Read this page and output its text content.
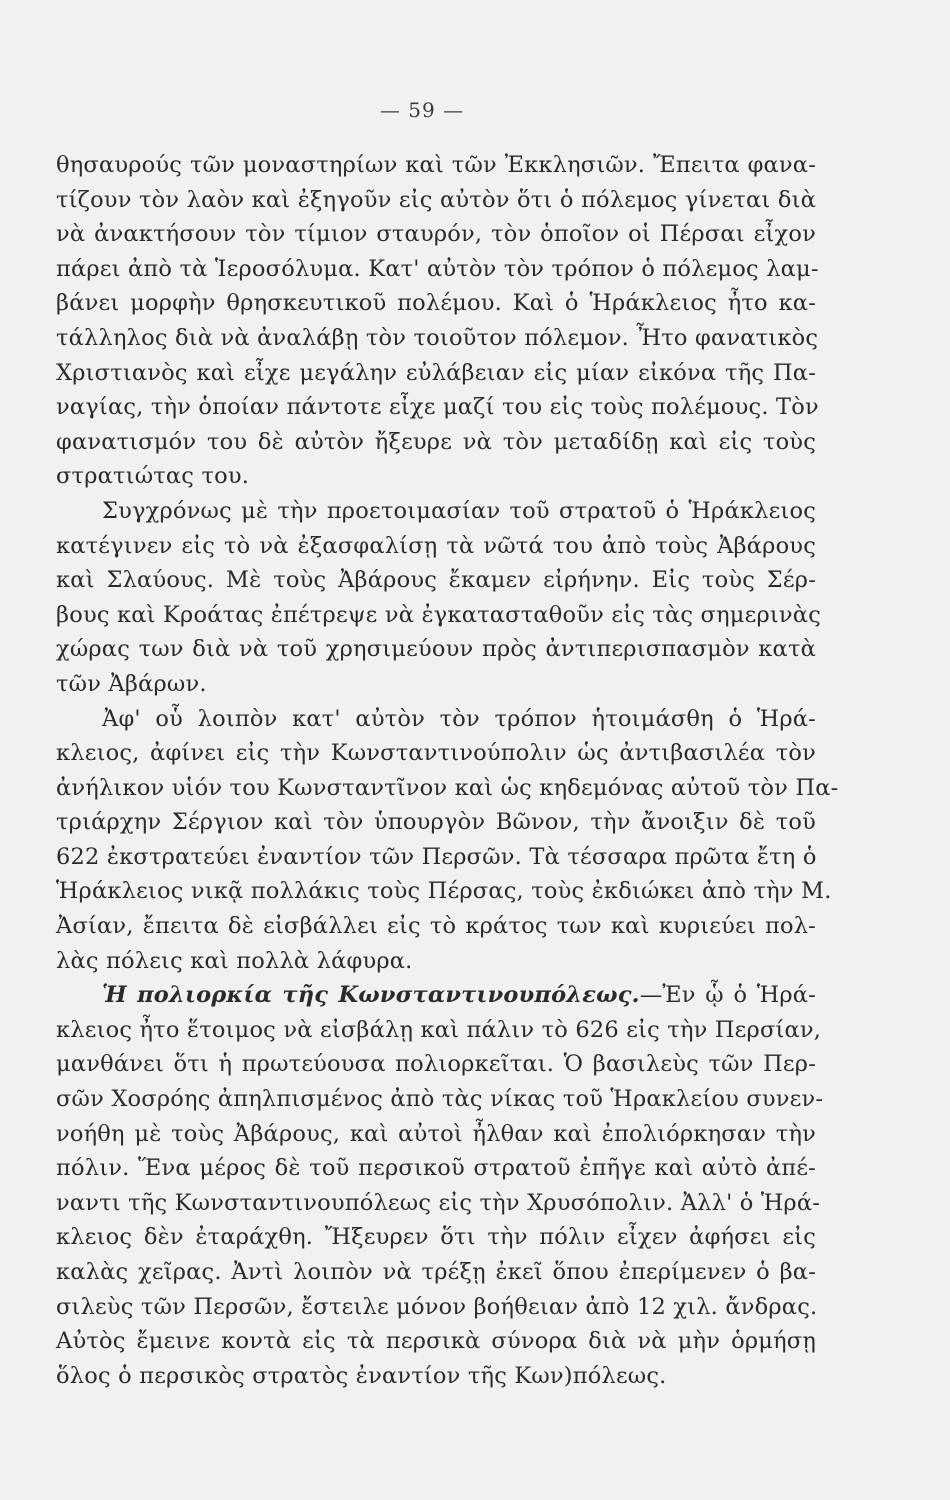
— 59 —
θησαυρούς τῶν μοναστηρίων καὶ τῶν Ἐκκλησιῶν. Ἔπειτα φανα-
τίζουν τὸν λαὸν καὶ ἐξηγοῦν εἰς αὐτὸν ὅτι ὁ πόλεμος γίνεται διὰ
νὰ ἀνακτήσουν τὸν τίμιον σταυρόν, τὸν ὁποῖον οἱ Πέρσαι εἶχον
πάρει ἀπὸ τὰ Ἱεροσόλυμα. Κατ' αὐτὸν τὸν τρόπον ὁ πόλεμος λαμ-
βάνει μορφὴν θρησκευτικοῦ πολέμου. Καὶ ὁ Ἡράκλειος ἦτο κα-
τάλληλος διὰ νὰ ἀναλάβῃ τὸν τοιοῦτον πόλεμον. Ἦτο φανατικὸς
Χριστιανὸς καὶ εἶχε μεγάλην εὐλάβειαν εἰς μίαν εἰκόνα τῆς Πα-
ναγίας, τὴν ὁποίαν πάντοτε εἶχε μαζί του εἰς τοὺς πολέμους. Τὸν
φανατισμόν του δὲ αὐτὸν ἤξευρε νὰ τὸν μεταδίδῃ καὶ εἰς τοὺς
στρατιώτας του.
Συγχρόνως μὲ τὴν προετοιμασίαν τοῦ στρατοῦ ὁ Ἡράκλειος
κατέγινεν εἰς τὸ νὰ ἐξασφαλίσῃ τὰ νῶτά του ἀπὸ τοὺς Ἀβάρους
καὶ Σλαύους. Μὲ τοὺς Ἀβάρους ἔκαμεν εἰρήνην. Εἰς τοὺς Σέρ-
βους καὶ Κροάτας ἐπέτρεψε νὰ ἐγκατασταθοῦν εἰς τὰς σημερινὰς
χώρας των διὰ νὰ τοῦ χρησιμεύουν πρὸς ἀντιπερισπασμὸν κατὰ
τῶν Ἀβάρων.
Ἀφ' οὗ λοιπὸν κατ' αὐτὸν τὸν τρόπον ἡτοιμάσθη ὁ Ἡρά-
κλειος, ἀφίνει εἰς τὴν Κωνσταντινούπολιν ὡς ἀντιβασιλέα τὸν
ἀνήλικον υἱόν του Κωνσταντῖνον καὶ ὡς κηδεμόνας αὐτοῦ τὸν Πα-
τριάρχην Σέργιον καὶ τὸν ὑπουργὸν Βῶνον, τὴν ἄνοιξιν δὲ τοῦ
622 ἐκστρατεύει ἐναντίον τῶν Περσῶν. Τὰ τέσσαρα πρῶτα ἔτη ὁ
Ἡράκλειος νικᾷ πολλάκις τοὺς Πέρσας, τοὺς ἐκδιώκει ἀπὸ τὴν Μ.
Ἀσίαν, ἔπειτα δὲ εἰσβάλλει εἰς τὸ κράτος των καὶ κυριεύει πολ-
λὰς πόλεις καὶ πολλὰ λάφυρα.
Ἡ πολιορκία τῆς Κωνσταντινουπόλεως.—Ἐν ᾧ ὁ Ἡρά-
κλειος ἦτο ἕτοιμος νὰ εἰσβάλῃ καὶ πάλιν τὸ 626 εἰς τὴν Περσίαν,
μανθάνει ὅτι ἡ πρωτεύουσα πολιορκεῖται. Ὁ βασιλεὺς τῶν Περ-
σῶν Χοσρόης ἀπηλπισμένος ἀπὸ τὰς νίκας τοῦ Ἡρακλείου συνεν-
νοήθη μὲ τοὺς Ἀβάρους, καὶ αὐτοὶ ἦλθαν καὶ ἐπολιόρκησαν τὴν
πόλιν. Ἕνα μέρος δὲ τοῦ περσικοῦ στρατοῦ ἐπῆγε καὶ αὐτὸ ἀπέ-
ναντι τῆς Κωνσταντινουπόλεως εἰς τὴν Χρυσόπολιν. Ἀλλ' ὁ Ἡρά-
κλειος δὲν ἐταράχθη. Ἤξευρεν ὅτι τὴν πόλιν εἶχεν ἀφήσει εἰς
καλὰς χεῖρας. Ἀντὶ λοιπὸν νὰ τρέξῃ ἐκεῖ ὅπου ἐπερίμενεν ὁ βα-
σιλεὺς τῶν Περσῶν, ἔστειλε μόνον βοήθειαν ἀπὸ 12 χιλ. ἄνδρας.
Αὐτὸς ἔμεινε κοντὰ εἰς τὰ περσικὰ σύνορα διὰ νὰ μὴν ὁρμήσῃ
ὅλος ὁ περσικὸς στρατὸς ἐναντίον τῆς Κων)πόλεως.
